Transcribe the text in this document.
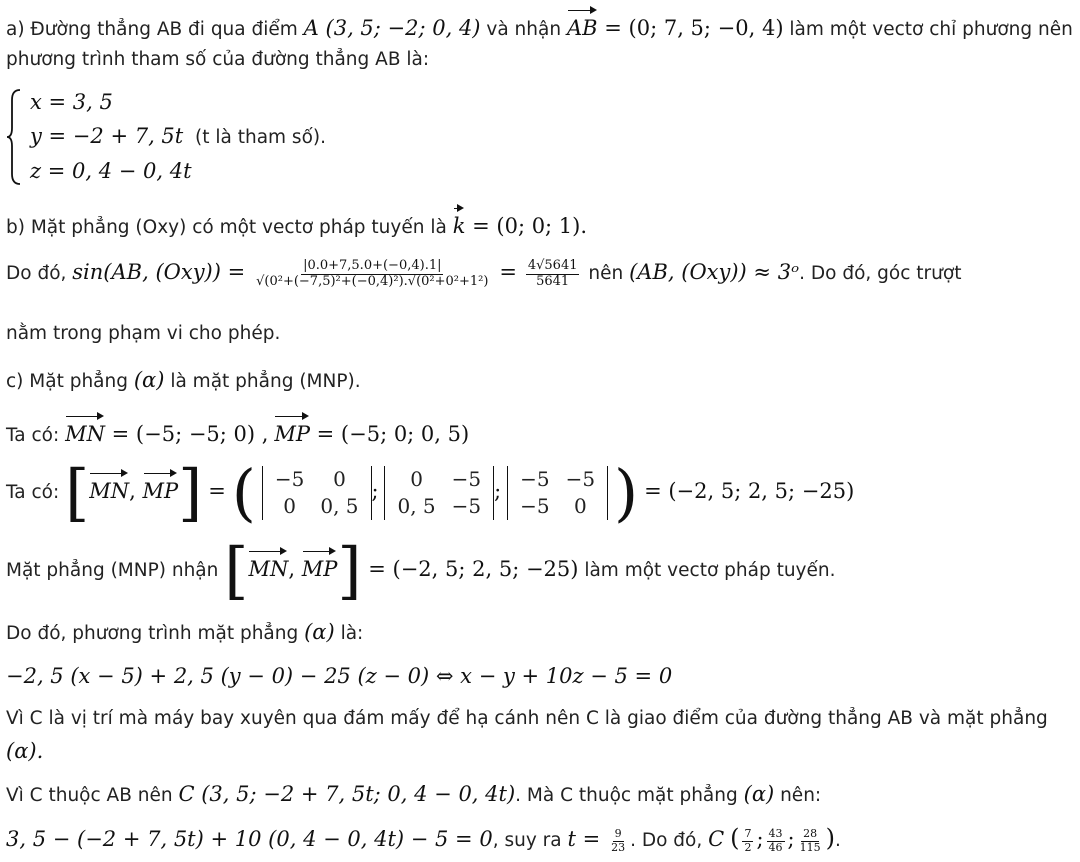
a) Đường thẳng AB đi qua điểm A (3, 5; −2; 0, 4) và nhận AB = (0; 7, 5; −0, 4) làm một vectơ chỉ phương nên
phương trình tham số của đường thẳng AB là:
x = 3, 5
y = −2 + 7, 5t (t là tham số).
z = 0, 4 − 0, 4t
b) Mặt phẳng (Oxy) có một vectơ pháp tuyến là k = (0; 0; 1).
Do đó, sin(AB, $(Oxy)) = \frac{|0.0+7,5.0+(-0,4).1|}{\text{√(0²+(−7,5)²+(−0,4)²).√(0²+0²+1²)}} = \frac{4√5641}{5641}$ nên (AB, (Oxy)) ≈ 3ᵒ. Do đó, góc trượt
nằm trong phạm vi cho phép.
c) Mặt phẳng (α) là mặt phẳng (MNP).
Ta có: MN = (−5; −5; 0) , MP = (−5; 0; 0, 5)
Ta có: [MN, MP] = ( −5	0
0	0, 5
; 0	−5
0, 5	−5
; −5	−5
−5	0 ) = (−2, 5; 2, 5; −25)
Mặt phẳng (MNP) nhận [MN, MP] = (−2, 5; 2, 5; −25) làm một vectơ pháp tuyến.
Do đó, phương trình mặt phẳng (α) là:
−2, 5 (x − 5) + 2, 5 (y − 0) − 25 (z − 0) ⇔ x − y + 10z − 5 = 0
Vì C là vị trí mà máy bay xuyên qua đám mấy để hạ cánh nên C là giao điểm của đường thẳng AB và mặt phẳng
(α).
Vì C thuộc AB nên C (3, 5; −2 + 7, 5t; 0, 4 − 0, 4t). Mà C thuộc mặt phẳng (α) nên:
3, 5 − (−2 + 7, 5t) + 10 (0, 4 − 0, 4t) − 5 = 0, suy ra $t = \frac{9}{23}$ . Do đó, C ( $\frac{7}{2}$ ; $\frac{43}{46}$ ; $\frac{28}{115}$ ).
